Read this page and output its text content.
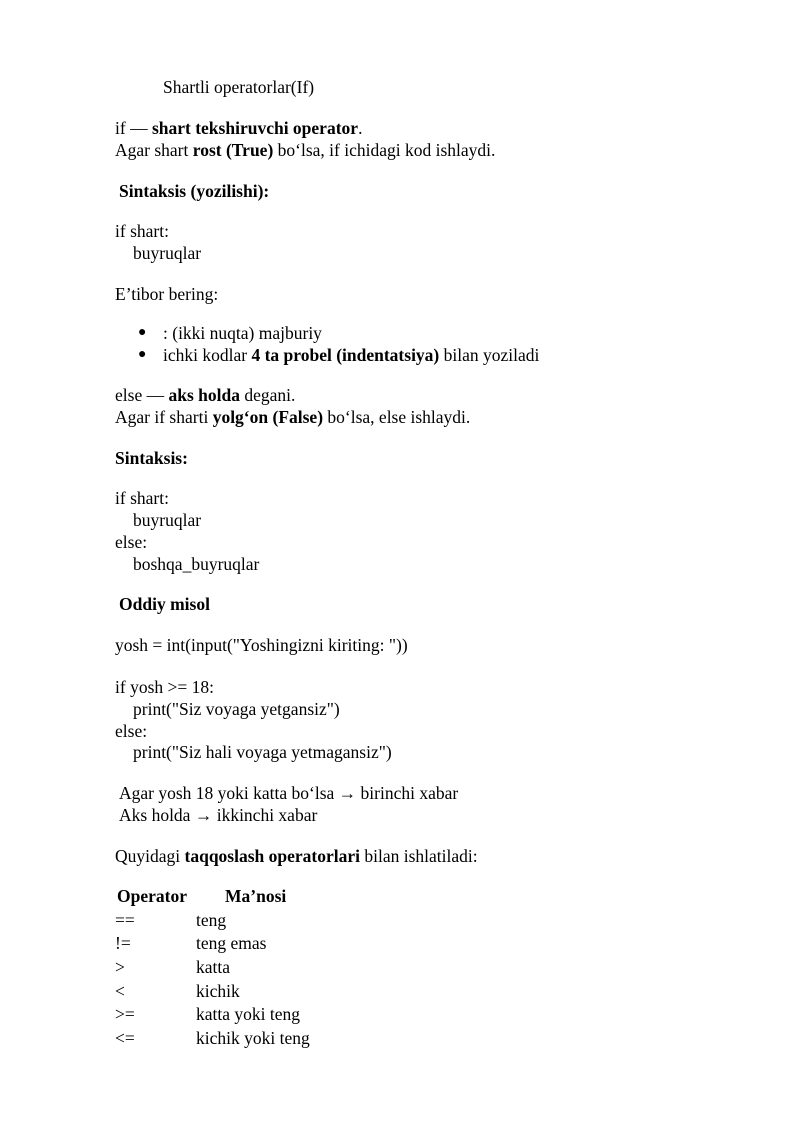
Shartli operatorlar(If)
if — shart tekshiruvchi operator.
Agar shart rost (True) bo‘lsa, if ichidagi kod ishlaydi.
Sintaksis (yozilishi):
if shart:
buyruqlar
E’tibor bering:
● : (ikki nuqta) majburiy
● ichki kodlar 4 ta probel (indentatsiya) bilan yoziladi
else — aks holda degani.
Agar if sharti yolg‘on (False) bo‘lsa, else ishlaydi.
Sintaksis:
if shart:
buyruqlar
else:
boshqa_buyruqlar
Oddiy misol
yosh = int(input("Yoshingizni kiriting: "))
if yosh >= 18:
print("Siz voyaga yetgansiz")
else:
print("Siz hali voyaga yetmagansiz")
Agar yosh 18 yoki katta bo‘lsa → birinchi xabar
Aks holda → ikkinchi xabar
Quyidagi taqqoslash operatorlari bilan ishlatiladi:
Operator Ma’nosi
==	teng
!=	teng emas
>	katta
<	kichik
>=	katta yoki teng
<=	kichik yoki teng
